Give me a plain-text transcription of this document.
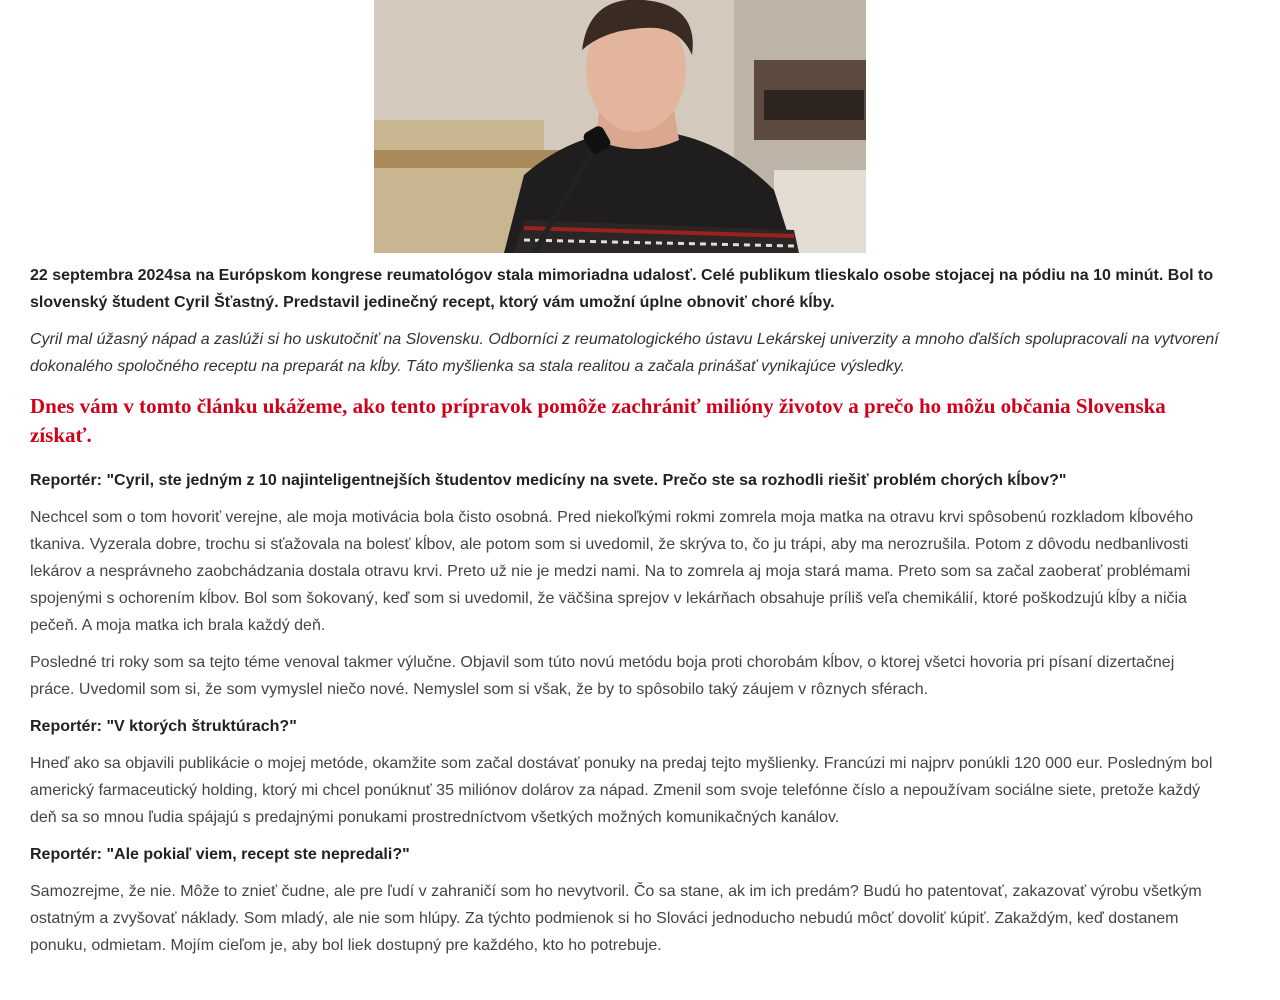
22 septembra 2024sa na Európskom kongrese reumatológov stala mimoriadna udalosť. Celé publikum tlieskalo osobe stojacej na pódiu na 10 minút. Bol to slovenský študent Cyril Šťastný. Predstavil jedinečný recept, ktorý vám umožní úplne obnoviť choré kĺby.

Cyril mal úžasný nápad a zaslúži si ho uskutočniť na Slovensku. Odborníci z reumatologického ústavu Lekárskej univerzity a mnoho ďalších spolupracovali na vytvorení dokonalého spoločného receptu na preparát na kĺby. Táto myšlienka sa stala realitou a začala prinášať vynikajúce výsledky.

Dnes vám v tomto článku ukážeme, ako tento prípravok pomôže zachrániť milióny životov a prečo ho môžu občania Slovenska získať.

Reportér: "Cyril, ste jedným z 10 najinteligentnejších študentov medicíny na svete. Prečo ste sa rozhodli riešiť problém chorých kĺbov?"

Nechcel som o tom hovoriť verejne, ale moja motivácia bola čisto osobná. Pred niekoľkými rokmi zomrela moja matka na otravu krvi spôsobenú rozkladom kĺbového tkaniva. Vyzerala dobre, trochu si sťažovala na bolesť kĺbov, ale potom som si uvedomil, že skrýva to, čo ju trápi, aby ma nerozrušila. Potom z dôvodu nedbanlivosti lekárov a nesprávneho zaobchádzania dostala otravu krvi. Preto už nie je medzi nami. Na to zomrela aj moja stará mama. Preto som sa začal zaoberať problémami spojenými s ochorením kĺbov. Bol som šokovaný, keď som si uvedomil, že väčšina sprejov v lekárňach obsahuje príliš veľa chemikálií, ktoré poškodzujú kĺby a ničia pečeň. A moja matka ich brala každý deň.

Posledné tri roky som sa tejto téme venoval takmer výlučne. Objavil som túto novú metódu boja proti chorobám kĺbov, o ktorej všetci hovoria pri písaní dizertačnej práce. Uvedomil som si, že som vymyslel niečo nové. Nemyslel som si však, že by to spôsobilo taký záujem v rôznych sférach.

Reportér: "V ktorých štruktúrach?"

Hneď ako sa objavili publikácie o mojej metóde, okamžite som začal dostávať ponuky na predaj tejto myšlienky. Francúzi mi najprv ponúkli 120 000 eur. Posledným bol americký farmaceutický holding, ktorý mi chcel ponúknuť 35 miliónov dolárov za nápad. Zmenil som svoje telefónne číslo a nepoužívam sociálne siete, pretože každý deň sa so mnou ľudia spájajú s predajnými ponukami prostredníctvom všetkých možných komunikačných kanálov.

Reportér: "Ale pokiaľ viem, recept ste nepredali?"

Samozrejme, že nie. Môže to znieť čudne, ale pre ľudí v zahraničí som ho nevytvoril. Čo sa stane, ak im ich predám? Budú ho patentovať, zakazovať výrobu všetkým ostatným a zvyšovať náklady. Som mladý, ale nie som hlúpy. Za týchto podmienok si ho Slováci jednoducho nebudú môcť dovoliť kúpiť. Zakaždým, keď dostanem ponuku, odmietam. Mojím cieľom je, aby bol liek dostupný pre každého, kto ho potrebuje.
